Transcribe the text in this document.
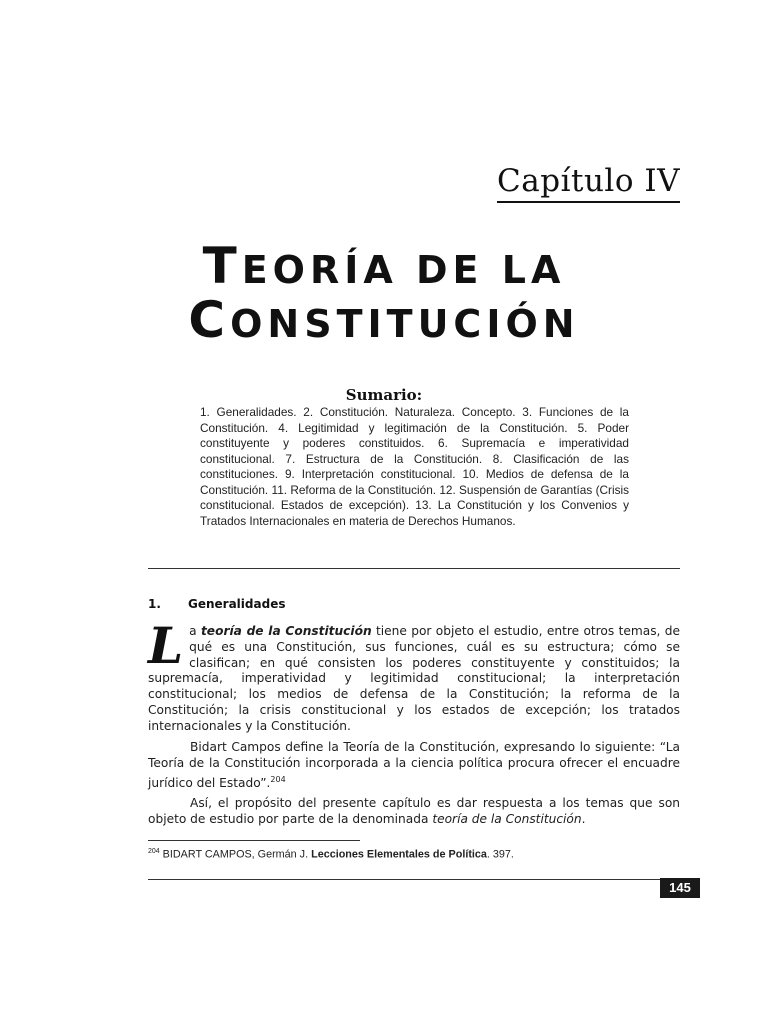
Capítulo IV
TEORÍA DE LA
CONSTITUCIÓN
Sumario:
1. Generalidades. 2. Constitución. Naturaleza. Concepto. 3. Funciones de la Constitución. 4. Legitimidad y legitimación de la Constitución. 5. Poder constituyente y poderes constituidos. 6. Supremacía e imperatividad constitucional. 7. Estructura de la Constitución. 8. Clasificación de las constituciones. 9. Interpretación constitucional. 10. Medios de defensa de la Constitución. 11. Reforma de la Constitución. 12. Suspensión de Garantías (Crisis constitucional. Estados de excepción). 13. La Constitución y los Convenios y Tratados Internacionales en materia de Derechos Humanos.
1. Generalidades
La teoría de la Constitución tiene por objeto el estudio, entre otros temas, de qué es una Constitución, sus funciones, cuál es su estructura; cómo se clasifican; en qué consisten los poderes constituyente y constituidos; la supremacía, imperatividad y legitimidad constitucional; la interpretación constitucional; los medios de defensa de la Constitución; la reforma de la Constitución; la crisis constitucional y los estados de excepción; los tratados internacionales y la Constitución.
Bidart Campos define la Teoría de la Constitución, expresando lo siguiente: “La Teoría de la Constitución incorporada a la ciencia política procura ofrecer el encuadre jurídico del Estado”.$^{204}$
Así, el propósito del presente capítulo es dar respuesta a los temas que son objeto de estudio por parte de la denominada teoría de la Constitución.
$^{204}$ BIDART CAMPOS, Germán J. Lecciones Elementales de Política. 397.
145
